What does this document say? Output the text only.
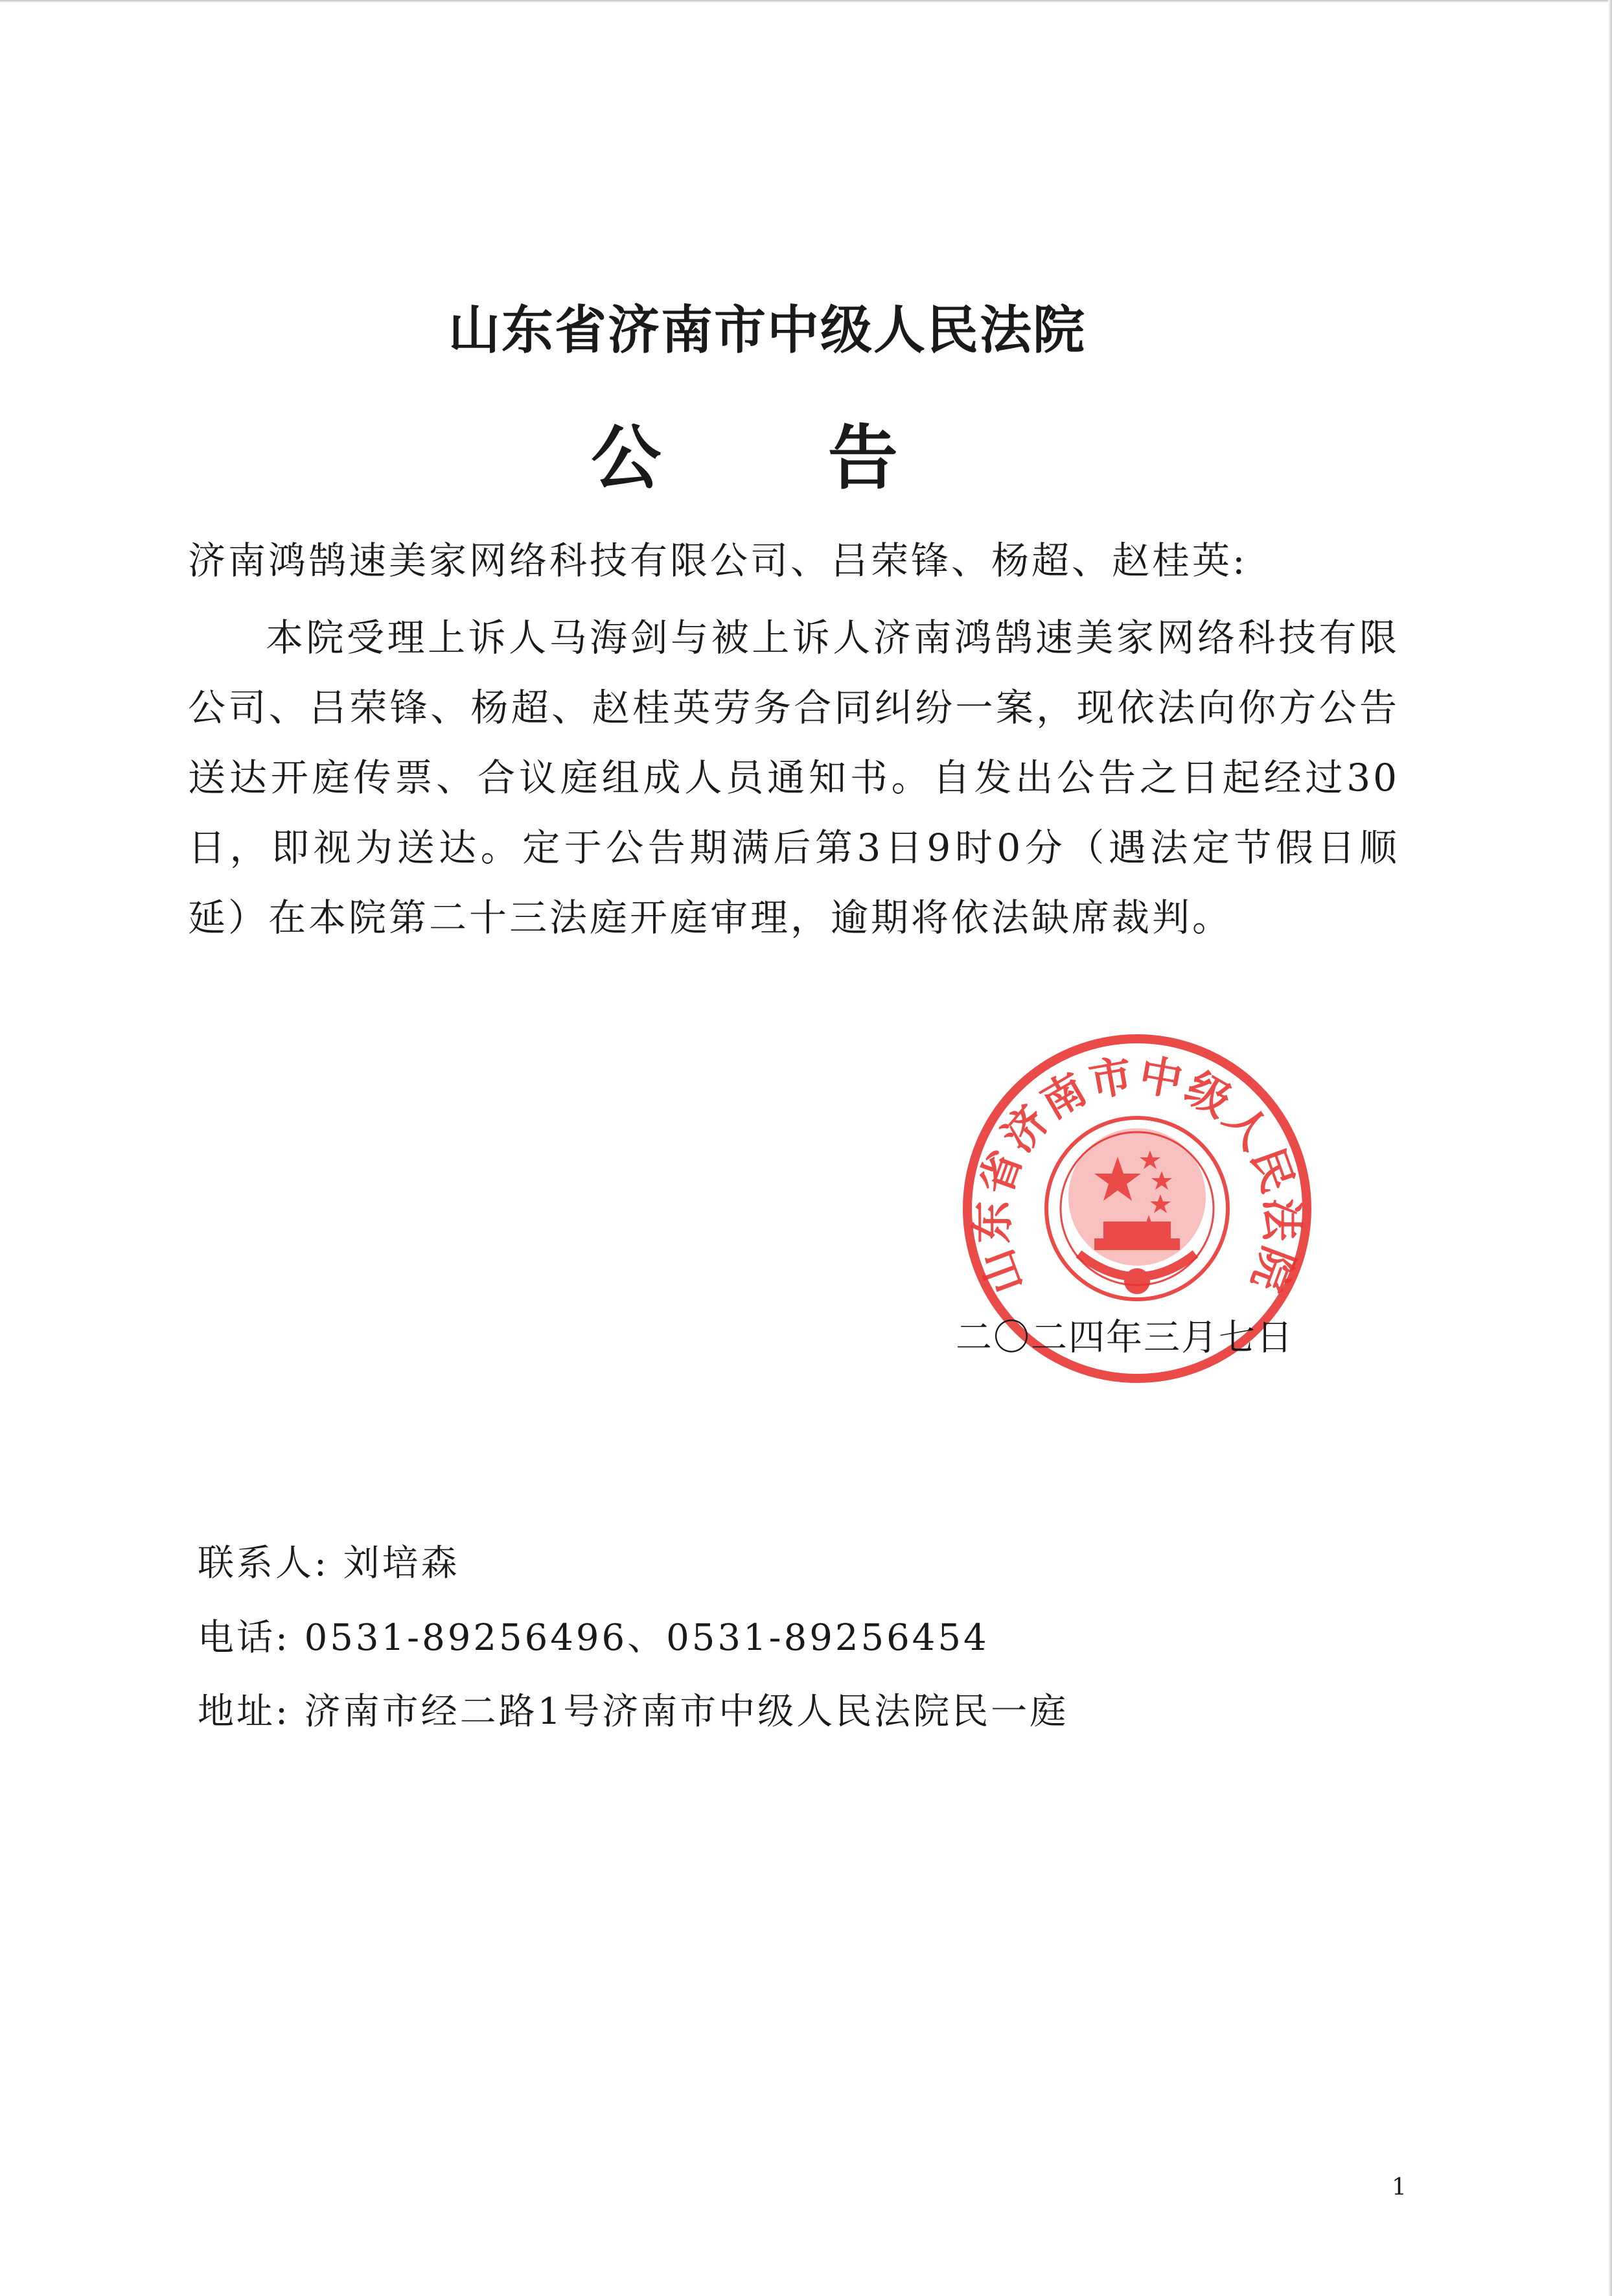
山东省济南市中级人民法院
公 告
济南鸿鹄速美家网络科技有限公司、吕荣锋、杨超、赵桂英:

本院受理上诉人马海剑与被上诉人济南鸿鹄速美家网络科技有限公司、吕荣锋、杨超、赵桂英劳务合同纠纷一案，现依法向你方公告送达开庭传票、合议庭组成人员通知书。自发出公告之日起经过30日，即视为送达。定于公告期满后第3日9时0分（遇法定节假日顺延）在本院第二十三法庭开庭审理，逾期将依法缺席裁判。

山东省济南市中级人民法院
二〇二四年三月七日
联系人: 刘培森
电话: 0531-89256496、0531-89256454
地址: 济南市经二路1号济南市中级人民法院民一庭
1
